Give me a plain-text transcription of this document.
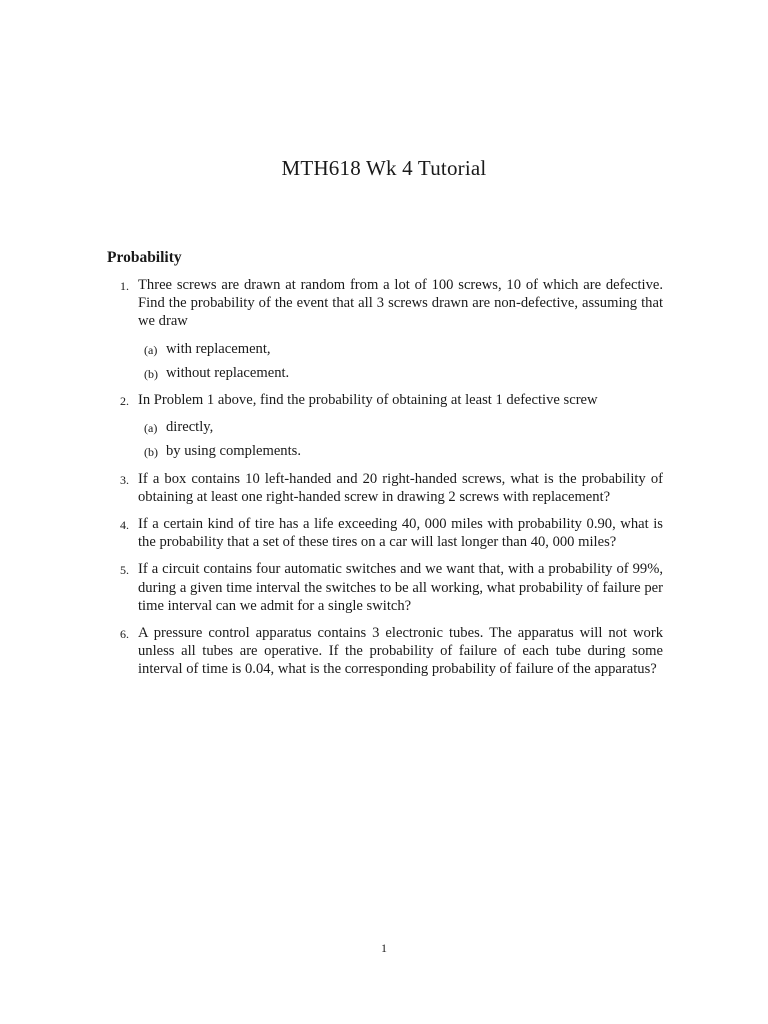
MTH618 Wk 4 Tutorial
Probability
1. Three screws are drawn at random from a lot of 100 screws, 10 of which are defective. Find the probability of the event that all 3 screws drawn are non-defective, assuming that we draw
(a) with replacement,
(b) without replacement.
2. In Problem 1 above, find the probability of obtaining at least 1 defective screw
(a) directly,
(b) by using complements.
3. If a box contains 10 left-handed and 20 right-handed screws, what is the probability of obtaining at least one right-handed screw in drawing 2 screws with replacement?
4. If a certain kind of tire has a life exceeding 40, 000 miles with probability 0.90, what is the probability that a set of these tires on a car will last longer than 40, 000 miles?
5. If a circuit contains four automatic switches and we want that, with a probability of 99%, during a given time interval the switches to be all working, what probability of failure per time interval can we admit for a single switch?
6. A pressure control apparatus contains 3 electronic tubes. The apparatus will not work unless all tubes are operative. If the probability of failure of each tube during some interval of time is 0.04, what is the corresponding probability of failure of the apparatus?
1
